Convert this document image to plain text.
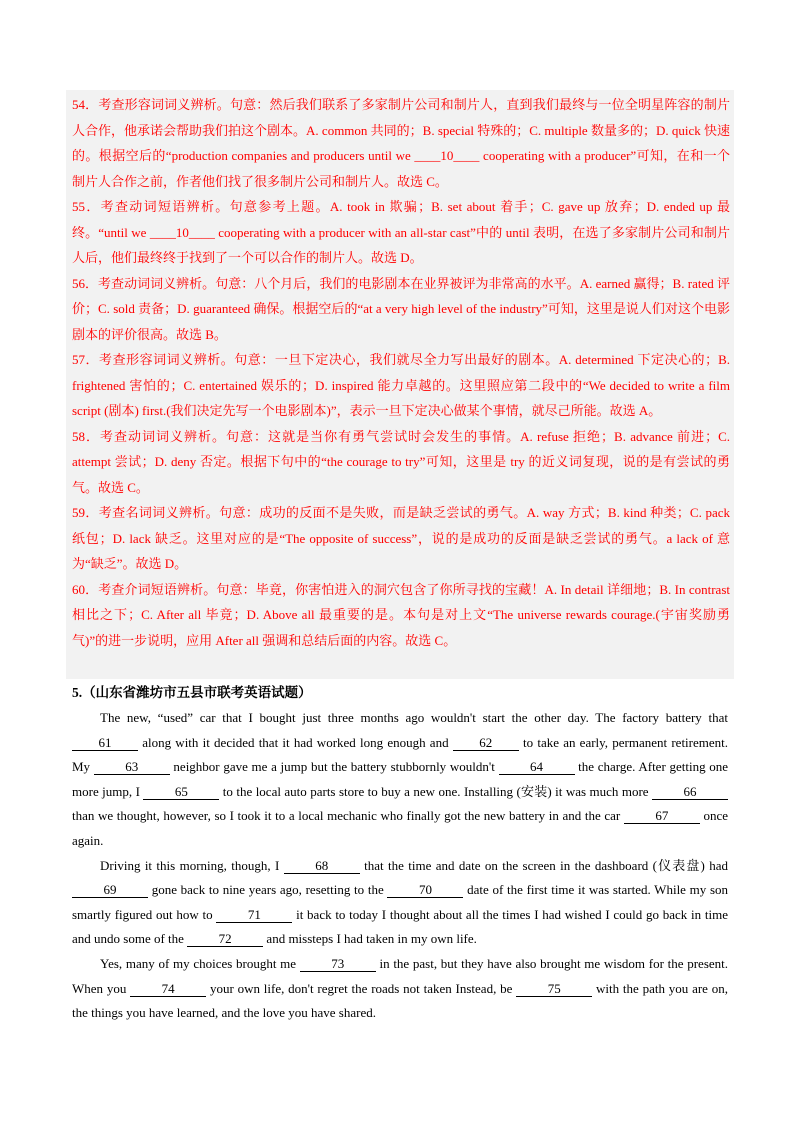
54．考查形容词词义辨析。句意：然后我们联系了多家制片公司和制片人，直到我们最终与一位全明星阵容的制片人合作，他承诺会帮助我们拍这个剧本。A. common 共同的；B. special 特殊的；C. multiple 数量多的；D. quick 快速的。根据空后的“production companies and producers until we ____10____ cooperating with a producer”可知，在和一个制片人合作之前，作者他们找了很多制片公司和制片人。故选 C。

55．考查动词短语辨析。句意参考上题。A. took in 欺骗；B. set about 着手；C. gave up 放弃；D. ended up 最终。“until we ____10____ cooperating with a producer with an all-star cast”中的 until 表明，在选了多家制片公司和制片人后，他们最终终于找到了一个可以合作的制片人。故选 D。

56．考查动词词义辨析。句意：八个月后，我们的电影剧本在业界被评为非常高的水平。A. earned 赢得；B. rated 评价；C. sold 责备；D. guaranteed 确保。根据空后的“at a very high level of the industry”可知，这里是说人们对这个电影剧本的评价很高。故选 B。

57．考查形容词词义辨析。句意：一旦下定决心，我们就尽全力写出最好的剧本。A. determined 下定决心的；B. frightened 害怕的；C. entertained 娱乐的；D. inspired 能力卓越的。这里照应第二段中的“We decided to write a film script (剧本) first.(我们决定先写一个电影剧本)”，表示一旦下定决心做某个事情，就尽己所能。故选 A。

58．考查动词词义辨析。句意：这就是当你有勇气尝试时会发生的事情。A. refuse 拒绝；B. advance 前进；C. attempt 尝试；D. deny 否定。根据下句中的“the courage to try”可知，这里是 try 的近义词复现，说的是有尝试的勇气。故选 C。

59．考查名词词义辨析。句意：成功的反面不是失败，而是缺乏尝试的勇气。A. way 方式；B. kind 种类；C. pack 纸包；D. lack 缺乏。这里对应的是“The opposite of success”，说的是成功的反面是缺乏尝试的勇气。a lack of 意为“缺乏”。故选 D。

60．考查介词短语辨析。句意：毕竟，你害怕进入的洞穴包含了你所寻找的宝藏！A. In detail 详细地；B. In contrast 相比之下；C. After all 毕竟；D. Above all 最重要的是。本句是对上文“The universe rewards courage.(宇宙奖励勇气)”的进一步说明，应用 After all 强调和总结后面的内容。故选 C。

5.（山东省潍坊市五县市联考英语试题）

The new, “used” car that I bought just three months ago wouldn't start the other day. The factory battery that 61 along with it decided that it had worked long enough and 62 to take an early, permanent retirement. My 63 neighbor gave me a jump but the battery stubbornly wouldn't 64 the charge. After getting one more jump, I 65 to the local auto parts store to buy a new one. Installing (安装) it was much more 66 than we thought, however, so I took it to a local mechanic who finally got the new battery in and the car 67 once again.

Driving it this morning, though, I 68 that the time and date on the screen in the dashboard (仪表盘) had 69 gone back to nine years ago, resetting to the 70 date of the first time it was started. While my son smartly figured out how to 71 it back to today I thought about all the times I had wished I could go back in time and undo some of the 72 and missteps I had taken in my own life.

Yes, many of my choices brought me 73 in the past, but they have also brought me wisdom for the present. When you 74 your own life, don't regret the roads not taken Instead, be 75 with the path you are on, the things you have learned, and the love you have shared.
